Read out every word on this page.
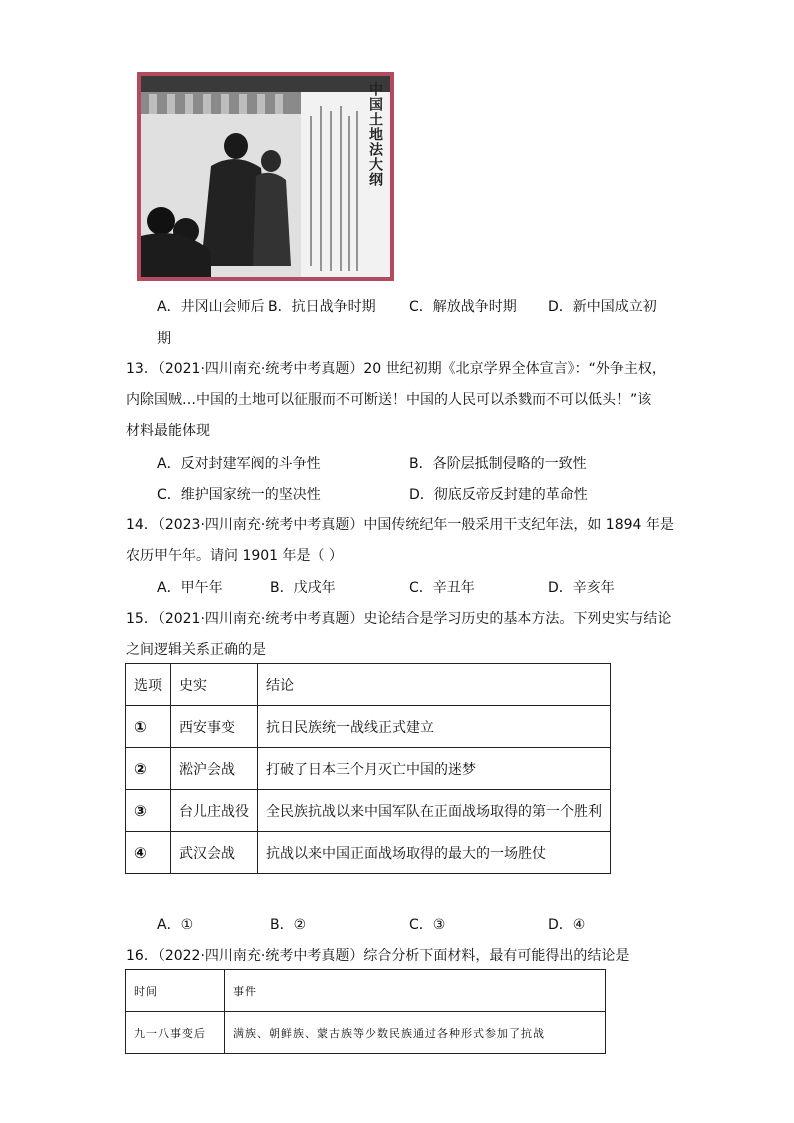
中国土地法大纲
A．井冈山会师后 B．抗日战争时期 C．解放战争时期 D．新中国成立初
期
13．（2021·四川南充·统考中考真题）20 世纪初期《北京学界全体宣言》：“外争主权，
内除国贼…中国的土地可以征服而不可断送！中国的人民可以杀戮而不可以低头！”该
材料最能体现
A．反对封建军阀的斗争性	B．各阶层抵制侵略的一致性
C．维护国家统一的坚决性	D．彻底反帝反封建的革命性
14．（2023·四川南充·统考中考真题）中国传统纪年一般采用干支纪年法，如 1894 年是
农历甲午年。请问 1901 年是（ ）
A．甲午年	B．戊戌年	C．辛丑年	D．辛亥年
15．（2021·四川南充·统考中考真题）史论结合是学习历史的基本方法。下列史实与结论
之间逻辑关系正确的是
选项	史实	结论
①	西安事变	抗日民族统一战线正式建立
②	淞沪会战	打破了日本三个月灭亡中国的迷梦
③	台儿庄战役	全民族抗战以来中国军队在正面战场取得的第一个胜利
④	武汉会战	抗战以来中国正面战场取得的最大的一场胜仗
A．①	B．②	C．③	D．④
16．（2022·四川南充·统考中考真题）综合分析下面材料，最有可能得出的结论是
时间	事件
九一八事变后	满族、朝鲜族、蒙古族等少数民族通过各种形式参加了抗战
